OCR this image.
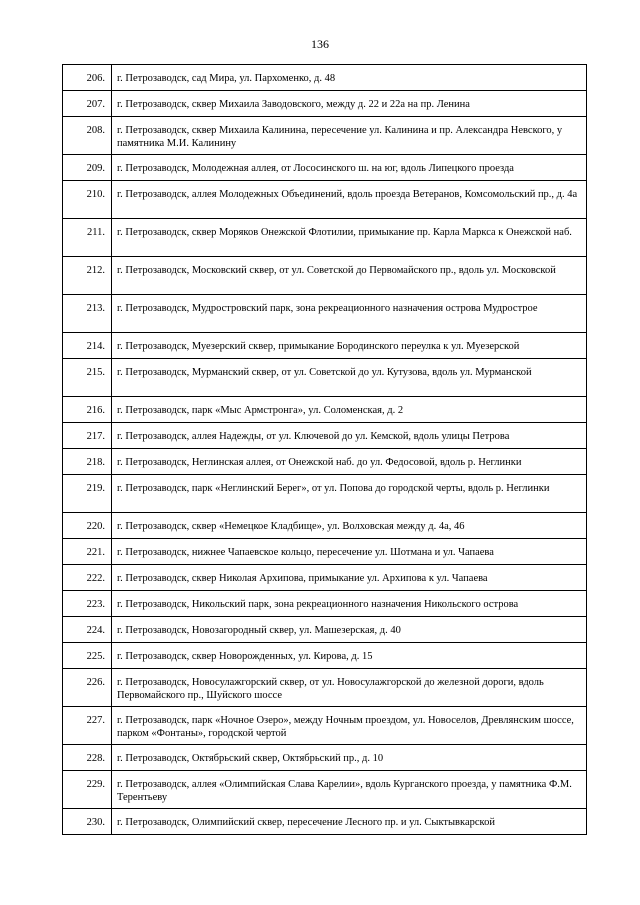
136
206.	г. Петрозаводск, сад Мира, ул. Пархоменко, д. 48
207.	г. Петрозаводск, сквер Михаила Заводовского, между д. 22 и 22а на пр. Ленина
208.	г. Петрозаводск, сквер Михаила Калинина, пересечение ул. Калинина и пр. Александра Невского, у памятника М.И. Калинину
209.	г. Петрозаводск, Молодежная аллея, от Лососинского ш. на юг, вдоль Липецкого проезда
210.	г. Петрозаводск, аллея Молодежных Объединений, вдоль проезда Ветеранов, Комсомольский пр., д. 4а
211.	г. Петрозаводск, сквер Моряков Онежской Флотилии, примыкание пр. Карла Маркса к Онежской наб.
212.	г. Петрозаводск, Московский сквер, от ул. Советской до Первомайского пр., вдоль ул. Московской
213.	г. Петрозаводск, Мудростровский парк, зона рекреационного назначения острова Мудрострое
214.	г. Петрозаводск, Муезерский сквер, примыкание Бородинского переулка к ул. Муезерской
215.	г. Петрозаводск, Мурманский сквер, от ул. Советской до ул. Кутузова, вдоль ул. Мурманской
216.	г. Петрозаводск, парк «Мыс Армстронга», ул. Соломенская, д. 2
217.	г. Петрозаводск, аллея Надежды, от ул. Ключевой до ул. Кемской, вдоль улицы Петрова
218.	г. Петрозаводск, Неглинская аллея, от Онежской наб. до ул. Федосовой, вдоль р. Неглинки
219.	г. Петрозаводск, парк «Неглинский Берег», от ул. Попова до городской черты, вдоль р. Неглинки
220.	г. Петрозаводск, сквер «Немецкое Кладбище», ул. Волховская между д. 4а, 46
221.	г. Петрозаводск, нижнее Чапаевское кольцо, пересечение ул. Шотмана и ул. Чапаева
222.	г. Петрозаводск, сквер Николая Архипова, примыкание ул. Архипова к ул. Чапаева
223.	г. Петрозаводск, Никольский парк, зона рекреационного назначения Никольского острова
224.	г. Петрозаводск, Новозагородный сквер, ул. Машезерская, д. 40
225.	г. Петрозаводск, сквер Новорожденных, ул. Кирова, д. 15
226.	г. Петрозаводск, Новосулажгорский сквер, от ул. Новосулажгорской до железной дороги, вдоль Первомайского пр., Шуйского шоссе
227.	г. Петрозаводск, парк «Ночное Озеро», между Ночным проездом, ул. Новоселов, Древлянским шоссе, парком «Фонтаны», городской чертой
228.	г. Петрозаводск, Октябрьский сквер, Октябрьский пр., д. 10
229.	г. Петрозаводск, аллея «Олимпийская Слава Карелии», вдоль Курганского проезда, у памятника Ф.М. Терентьеву
230.	г. Петрозаводск, Олимпийский сквер, пересечение Лесного пр. и ул. Сыктывкарской
